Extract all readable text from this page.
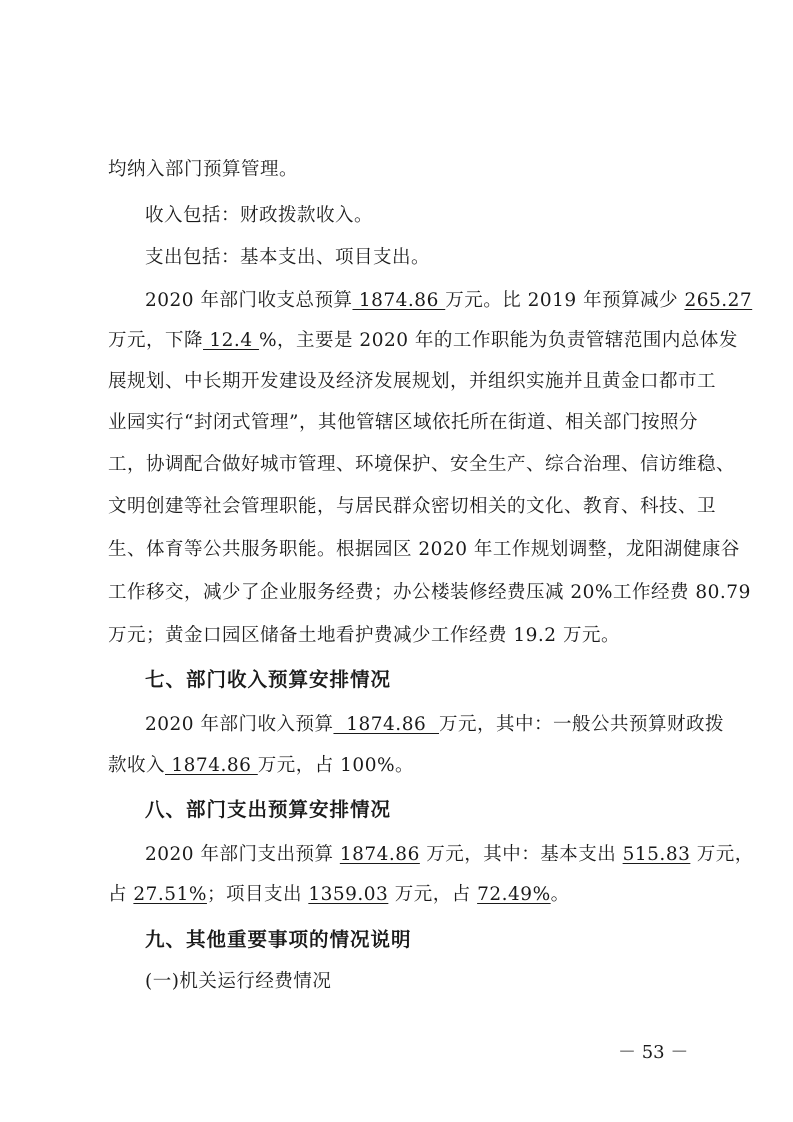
均纳入部门预算管理。
收入包括：财政拨款收入。
支出包括：基本支出、项目支出。
2020 年部门收支总预算 1874.86 万元。比 2019 年预算减少 265.27
万元，下降 12.4 %，主要是 2020 年的工作职能为负责管辖范围内总体发
展规划、中长期开发建设及经济发展规划，并组织实施并且黄金口都市工
业园实行“封闭式管理”，其他管辖区域依托所在街道、相关部门按照分
工，协调配合做好城市管理、环境保护、安全生产、综合治理、信访维稳、
文明创建等社会管理职能，与居民群众密切相关的文化、教育、科技、卫
生、体育等公共服务职能。根据园区 2020 年工作规划调整，龙阳湖健康谷
工作移交，减少了企业服务经费；办公楼装修经费压减 20%工作经费 80.79
万元；黄金口园区储备土地看护费减少工作经费 19.2 万元。
七、部门收入预算安排情况
2020 年部门收入预算  1874.86  万元，其中：一般公共预算财政拨
款收入 1874.86 万元，占 100%。
八、部门支出预算安排情况
2020 年部门支出预算 1874.86 万元，其中：基本支出 515.83 万元，
占 27.51%；项目支出 1359.03 万元，占 72.49%。
九、其他重要事项的情况说明
(一)机关运行经费情况
－ 53 －
